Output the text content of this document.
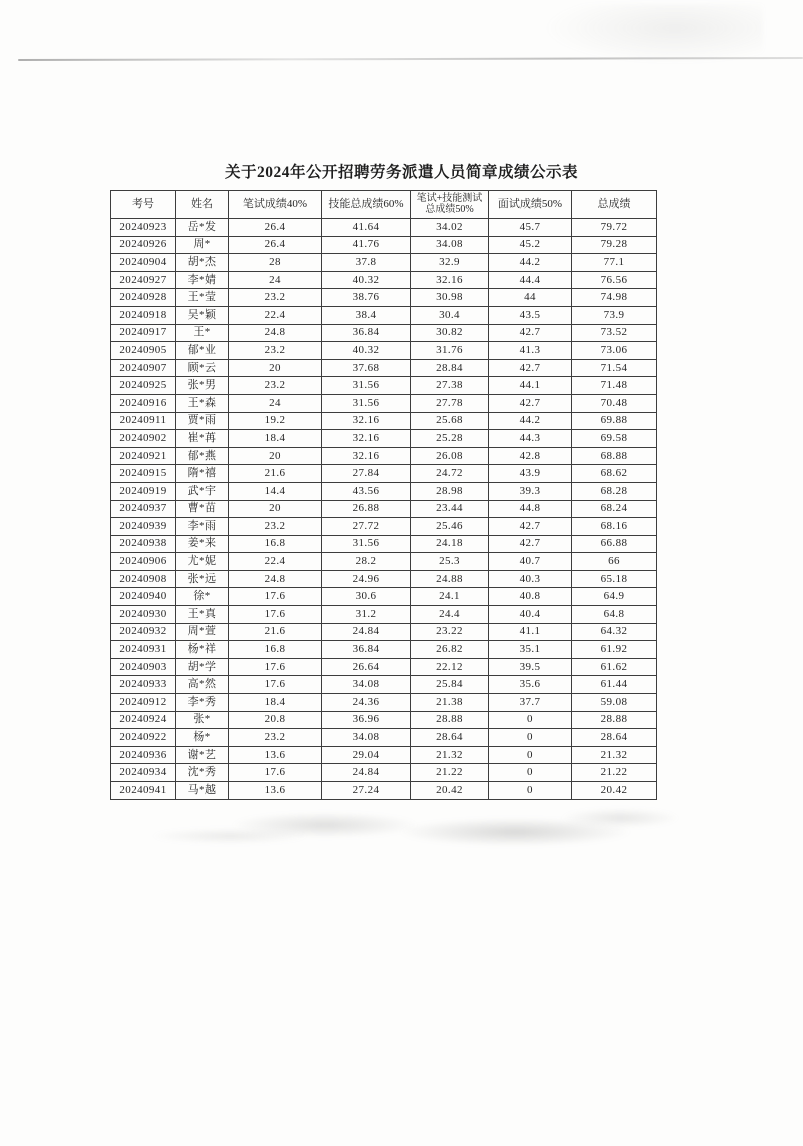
关于2024年公开招聘劳务派遣人员简章成绩公示表
考号	姓名	笔试成绩40%	技能总成绩60%	笔试+技能测试总成绩50%	面试成绩50%	总成绩
20240923	岳*发	26.4	41.64	34.02	45.7	79.72
20240926	周*	26.4	41.76	34.08	45.2	79.28
20240904	胡*杰	28	37.8	32.9	44.2	77.1
20240927	李*婧	24	40.32	32.16	44.4	76.56
20240928	王*莹	23.2	38.76	30.98	44	74.98
20240918	吴*颖	22.4	38.4	30.4	43.5	73.9
20240917	王*	24.8	36.84	30.82	42.7	73.52
20240905	郁*业	23.2	40.32	31.76	41.3	73.06
20240907	顾*云	20	37.68	28.84	42.7	71.54
20240925	张*男	23.2	31.56	27.38	44.1	71.48
20240916	王*森	24	31.56	27.78	42.7	70.48
20240911	贾*雨	19.2	32.16	25.68	44.2	69.88
20240902	崔*苒	18.4	32.16	25.28	44.3	69.58
20240921	郁*燕	20	32.16	26.08	42.8	68.88
20240915	隋*禧	21.6	27.84	24.72	43.9	68.62
20240919	武*宇	14.4	43.56	28.98	39.3	68.28
20240937	曹*苗	20	26.88	23.44	44.8	68.24
20240939	李*雨	23.2	27.72	25.46	42.7	68.16
20240938	姜*来	16.8	31.56	24.18	42.7	66.88
20240906	尤*妮	22.4	28.2	25.3	40.7	66
20240908	张*远	24.8	24.96	24.88	40.3	65.18
20240940	徐*	17.6	30.6	24.1	40.8	64.9
20240930	王*真	17.6	31.2	24.4	40.4	64.8
20240932	周*萱	21.6	24.84	23.22	41.1	64.32
20240931	杨*祥	16.8	36.84	26.82	35.1	61.92
20240903	胡*学	17.6	26.64	22.12	39.5	61.62
20240933	高*然	17.6	34.08	25.84	35.6	61.44
20240912	李*秀	18.4	24.36	21.38	37.7	59.08
20240924	张*	20.8	36.96	28.88	0	28.88
20240922	杨*	23.2	34.08	28.64	0	28.64
20240936	谢*艺	13.6	29.04	21.32	0	21.32
20240934	沈*秀	17.6	24.84	21.22	0	21.22
20240941	马*越	13.6	27.24	20.42	0	20.42
